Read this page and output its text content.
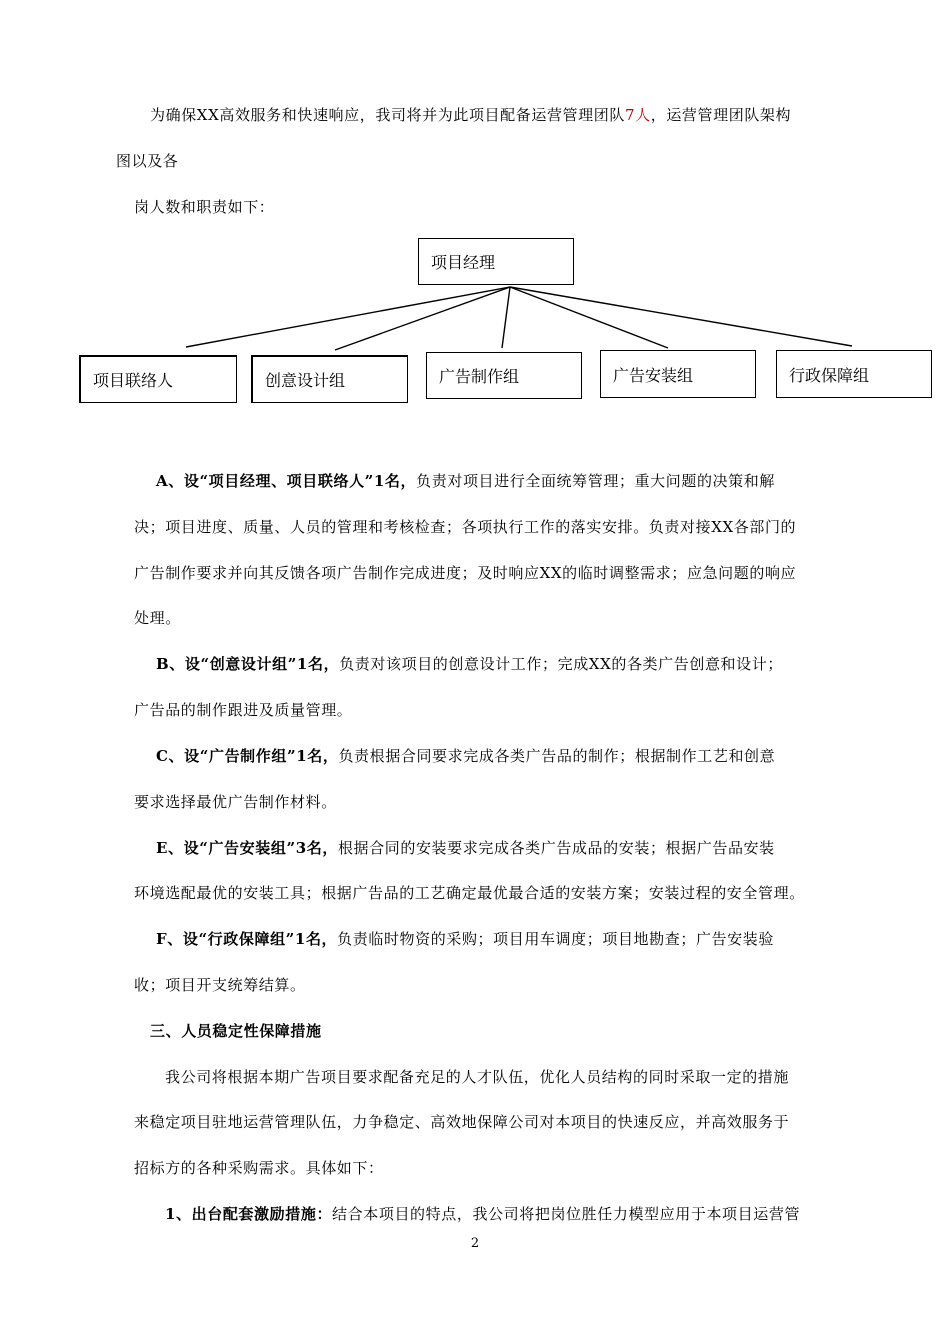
为确保XX高效服务和快速响应，我司将并为此项目配备运营管理团队7人，运营管理团队架构
图以及各
岗人数和职责如下：
项目经理
项目联络人	创意设计组	广告制作组	广告安装组	行政保障组
A、设“项目经理、项目联络人”1名，负责对项目进行全面统筹管理；重大问题的决策和解
决；项目进度、质量、人员的管理和考核检查；各项执行工作的落实安排。负责对接XX各部门的
广告制作要求并向其反馈各项广告制作完成进度；及时响应XX的临时调整需求；应急问题的响应
处理。
B、设“创意设计组”1名，负责对该项目的创意设计工作；完成XX的各类广告创意和设计；
广告品的制作跟进及质量管理。
C、设“广告制作组”1名，负责根据合同要求完成各类广告品的制作；根据制作工艺和创意
要求选择最优广告制作材料。
E、设“广告安装组”3名，根据合同的安装要求完成各类广告成品的安装；根据广告品安装
环境选配最优的安装工具；根据广告品的工艺确定最优最合适的安装方案；安装过程的安全管理。
F、设“行政保障组”1名，负责临时物资的采购；项目用车调度；项目地勘查；广告安装验
收；项目开支统筹结算。
三、人员稳定性保障措施
我公司将根据本期广告项目要求配备充足的人才队伍，优化人员结构的同时采取一定的措施
来稳定项目驻地运营管理队伍，力争稳定、高效地保障公司对本项目的快速反应，并高效服务于
招标方的各种采购需求。具体如下：
1、出台配套激励措施：结合本项目的特点，我公司将把岗位胜任力模型应用于本项目运营管
2
